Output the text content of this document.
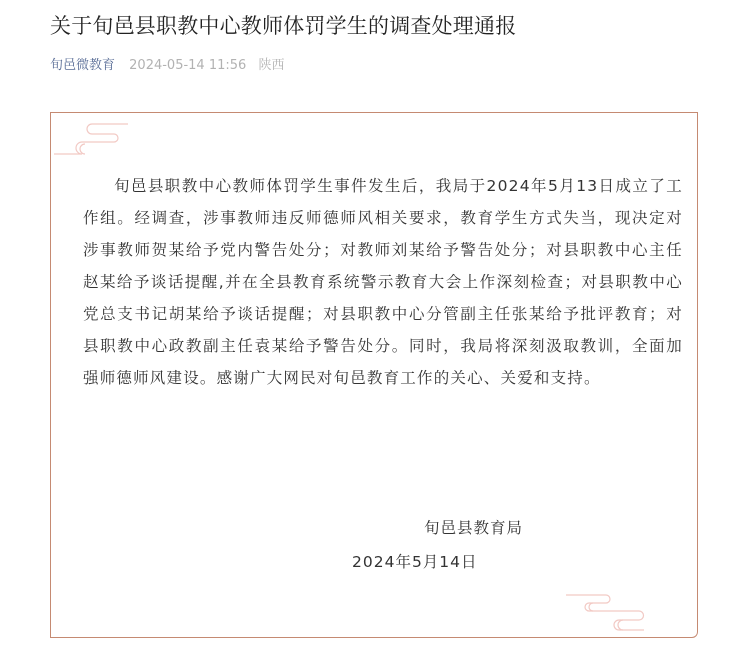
关于旬邑县职教中心教师体罚学生的调查处理通报
旬邑微教育 2024-05-14 11:56 陕西

旬邑县职教中心教师体罚学生事件发生后，我局于2024年5月13日成立了工作组。经调查，涉事教师违反师德师风相关要求，教育学生方式失当，现决定对涉事教师贺某给予党内警告处分；对教师刘某给予警告处分；对县职教中心主任赵某给予谈话提醒,并在全县教育系统警示教育大会上作深刻检查；对县职教中心党总支书记胡某给予谈话提醒；对县职教中心分管副主任张某给予批评教育；对县职教中心政教副主任袁某给予警告处分。同时，我局将深刻汲取教训，全面加强师德师风建设。感谢广大网民对旬邑教育工作的关心、关爱和支持。

旬邑县教育局
2024年5月14日
